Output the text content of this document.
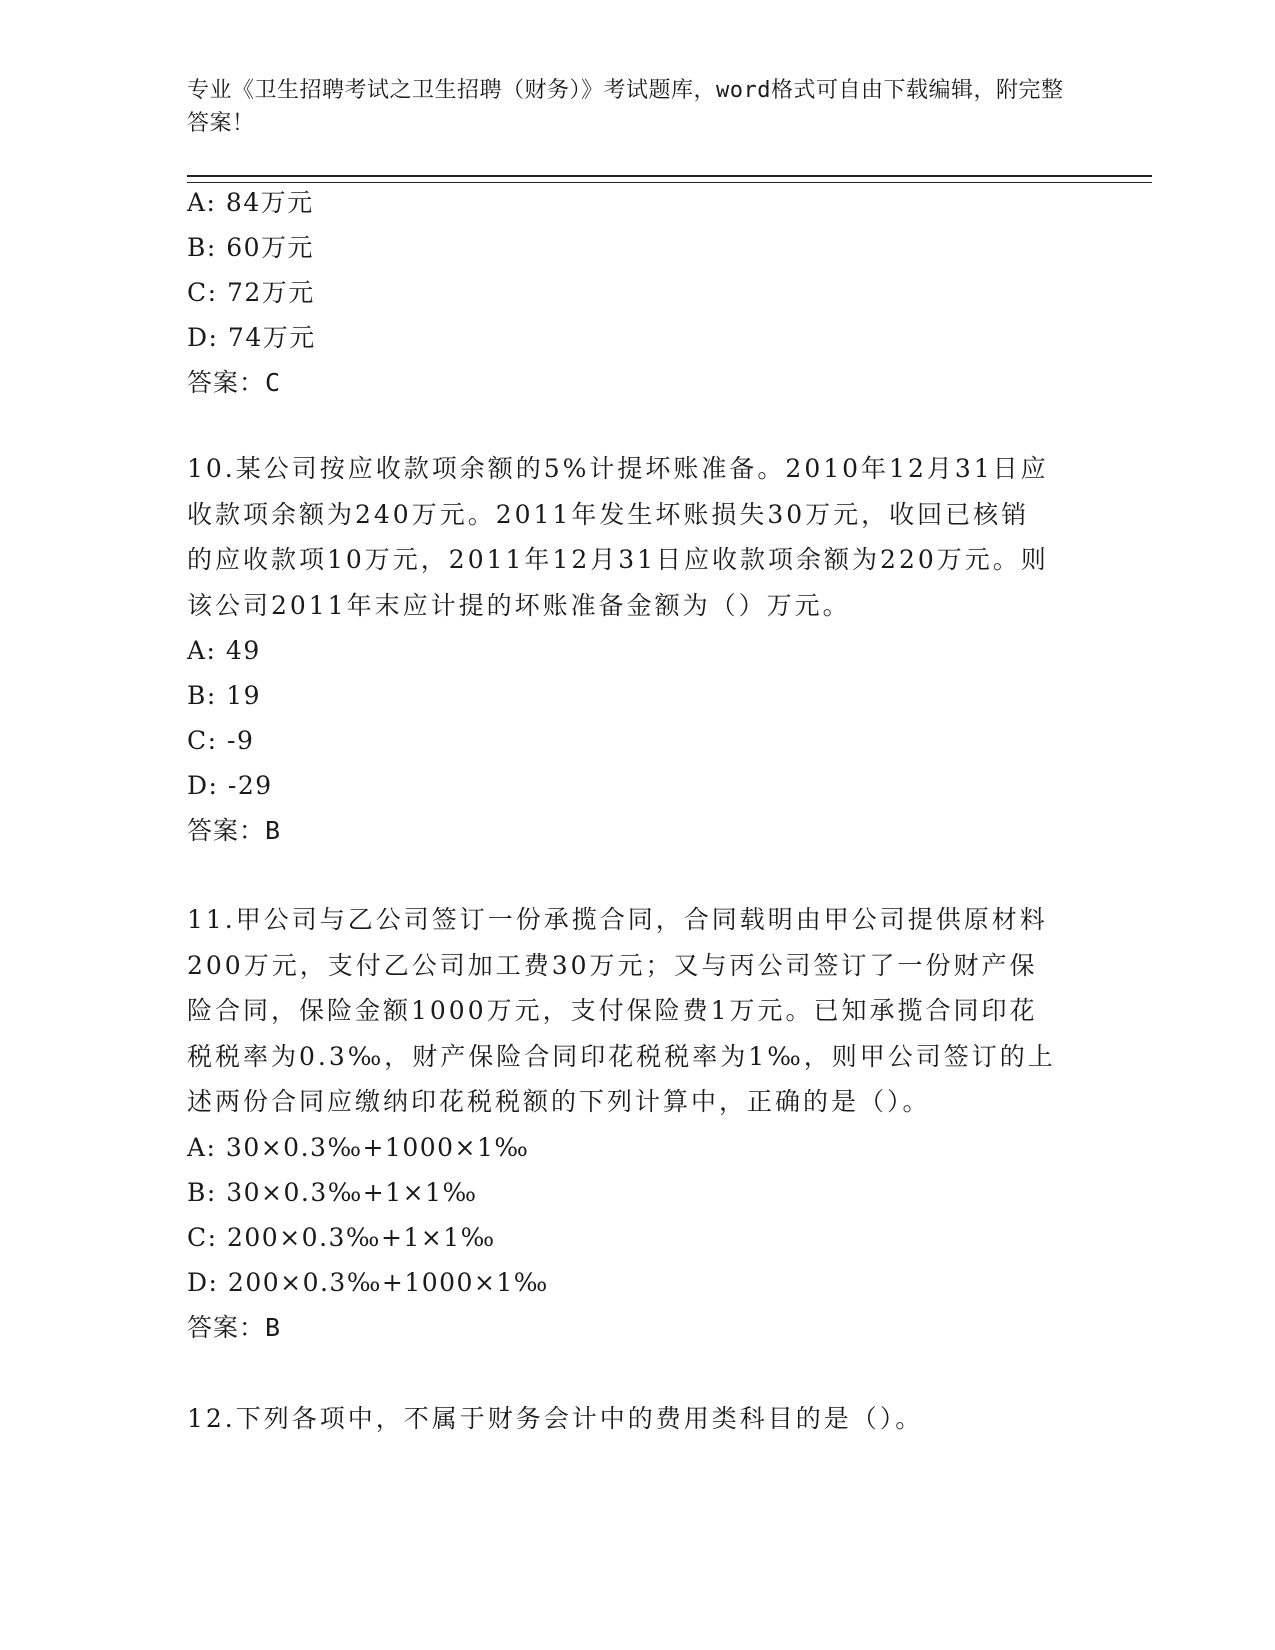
专业《卫生招聘考试之卫生招聘（财务）》考试题库，word格式可自由下载编辑，附完整答案！
A: 84万元
B: 60万元
C: 72万元
D: 74万元
答案：C
10.某公司按应收款项余额的5%计提坏账准备。2010年12月31日应收款项余额为240万元。2011年发生坏账损失30万元，收回已核销的应收款项10万元，2011年12月31日应收款项余额为220万元。则该公司2011年末应计提的坏账准备金额为（）万元。
A: 49
B: 19
C: -9
D: -29
答案：B
11.甲公司与乙公司签订一份承揽合同，合同载明由甲公司提供原材料200万元，支付乙公司加工费30万元；又与丙公司签订了一份财产保险合同，保险金额1000万元，支付保险费1万元。已知承揽合同印花税税率为0.3‰，财产保险合同印花税税率为1‰，则甲公司签订的上述两份合同应缴纳印花税税额的下列计算中，正确的是（）。
A: 30×0.3‰+1000×1‰
B: 30×0.3‰+1×1‰
C: 200×0.3‰+1×1‰
D: 200×0.3‰+1000×1‰
答案：B
12.下列各项中，不属于财务会计中的费用类科目的是（）。
